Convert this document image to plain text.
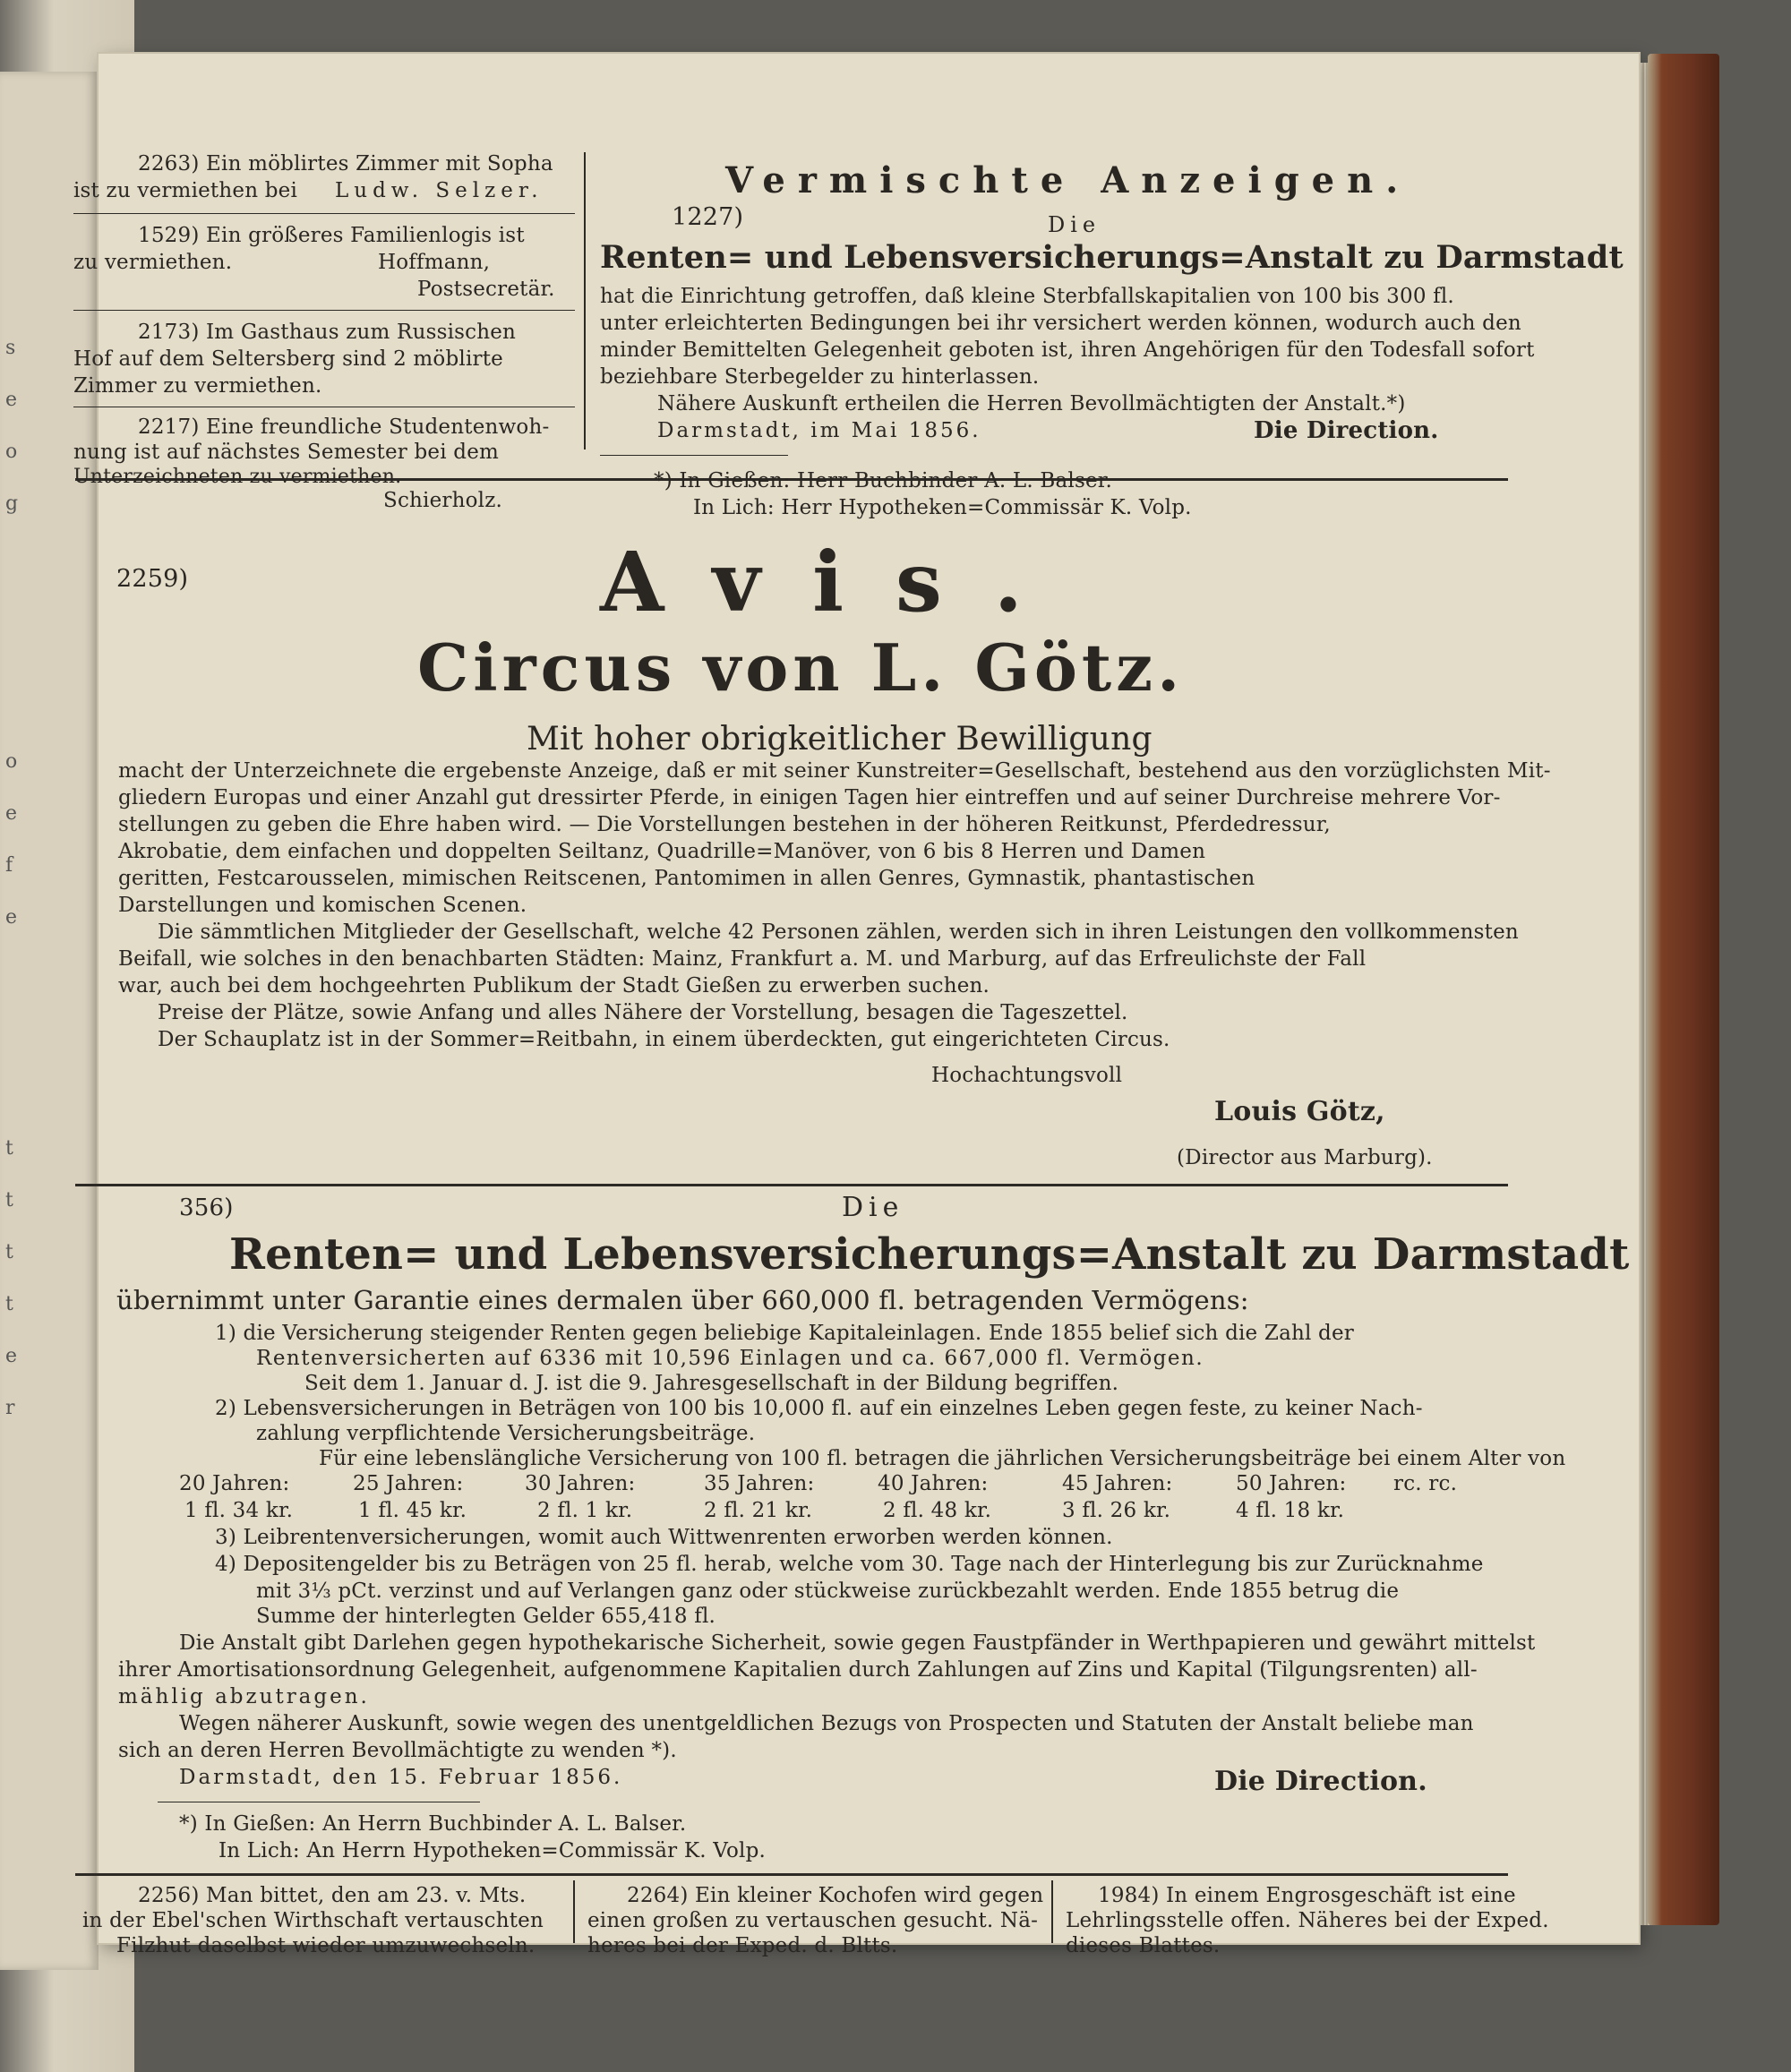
s
e
o
g
o
e
f
e
t
t
t
t
e
r
2263) Ein möblirtes Zimmer mit Sopha
ist zu vermiethen bei Ludw. Selzer.
1529) Ein größeres Familienlogis ist
zu vermiethen.	Hoffmann,
Postsecretär.
2173) Im Gasthaus zum Russischen
Hof auf dem Seltersberg sind 2 möblirte
Zimmer zu vermiethen.
2217) Eine freundliche Studentenwoh-
nung ist auf nächstes Semester bei dem
Unterzeichneten zu vermiethen.
Vermischte Anzeigen.
1227)	Die
Renten= und Lebensversicherungs=Anstalt zu Darmstadt
hat die Einrichtung getroffen, daß kleine Sterbfallskapitalien von 100 bis 300 fl.
unter erleichterten Bedingungen bei ihr versichert werden können, wodurch auch den
minder Bemittelten Gelegenheit geboten ist, ihren Angehörigen für den Todesfall sofort
beziehbare Sterbegelder zu hinterlassen.
Nähere Auskunft ertheilen die Herren Bevollmächtigten der Anstalt.*)
Darmstadt, im Mai 1856.	Die Direction.
2259)	Avis.
Circus von L. Götz.
Mit hoher obrigkeitlicher Bewilligung
macht der Unterzeichnete die ergebenste Anzeige, daß er mit seiner Kunstreiter=Gesellschaft, bestehend aus den vorzüglichsten Mit-
gliedern Europas und einer Anzahl gut dressirter Pferde, in einigen Tagen hier eintreffen und auf seiner Durchreise mehrere Vor-
stellungen zu geben die Ehre haben wird. — Die Vorstellungen bestehen in der höheren Reitkunst, Pferdedressur,
Akrobatie, dem einfachen und doppelten Seiltanz, Quadrille=Manöver, von 6 bis 8 Herren und Damen
geritten, Festcarousselen, mimischen Reitscenen, Pantomimen in allen Genres, Gymnastik, phantastischen
Darstellungen und komischen Scenen.
Die sämmtlichen Mitglieder der Gesellschaft, welche 42 Personen zählen, werden sich in ihren Leistungen den vollkommensten
Beifall, wie solches in den benachbarten Städten: Mainz, Frankfurt a. M. und Marburg, auf das Erfreulichste der Fall
war, auch bei dem hochgeehrten Publikum der Stadt Gießen zu erwerben suchen.
Preise der Plätze, sowie Anfang und alles Nähere der Vorstellung, besagen die Tageszettel.
Der Schauplatz ist in der Sommer=Reitbahn, in einem überdeckten, gut eingerichteten Circus.
Hochachtungsvoll
Louis Götz,
(Director aus Marburg).
356)	Die
Renten= und Lebensversicherungs=Anstalt zu Darmstadt
übernimmt unter Garantie eines dermalen über 660,000 fl. betragenden Vermögens:
1) die Versicherung steigender Renten gegen beliebige Kapitaleinlagen. Ende 1855 belief sich die Zahl der
Rentenversicherten auf 6336 mit 10,596 Einlagen und ca. 667,000 fl. Vermögen.
Seit dem 1. Januar d. J. ist die 9. Jahresgesellschaft in der Bildung begriffen.
2) Lebensversicherungen in Beträgen von 100 bis 10,000 fl. auf ein einzelnes Leben gegen feste, zu keiner Nach-
zahlung verpflichtende Versicherungsbeiträge.
Für eine lebenslängliche Versicherung von 100 fl. betragen die jährlichen Versicherungsbeiträge bei einem Alter von
20 Jahren:	25 Jahren:	30 Jahren:	35 Jahren:	40 Jahren:	45 Jahren:	50 Jahren: rc. rc.
1 fl. 34 kr.	1 fl. 45 kr.	2 fl. 1 kr.	2 fl. 21 kr.	2 fl. 48 kr.	3 fl. 26 kr.	4 fl. 18 kr.
3) Leibrentenversicherungen, womit auch Wittwenrenten erworben werden können.
4) Depositengelder bis zu Beträgen von 25 fl. herab, welche vom 30. Tage nach der Hinterlegung bis zur Zurücknahme
mit 3⅓ pCt. verzinst und auf Verlangen ganz oder stückweise zurückbezahlt werden. Ende 1855 betrug die
Summe der hinterlegten Gelder 655,418 fl.
Die Anstalt gibt Darlehen gegen hypothekarische Sicherheit, sowie gegen Faustpfänder in Werthpapieren und gewährt mittelst
ihrer Amortisationsordnung Gelegenheit, aufgenommene Kapitalien durch Zahlungen auf Zins und Kapital (Tilgungsrenten) all-
mählig abzutragen.
Wegen näherer Auskunft, sowie wegen des unentgeldlichen Bezugs von Prospecten und Statuten der Anstalt beliebe man
sich an deren Herren Bevollmächtigte zu wenden *).
Darmstadt, den 15. Februar 1856.	Die Direction.
*) In Gießen: An Herrn Buchbinder A. L. Balser.
In Lich: An Herrn Hypotheken=Commissär K. Volp.
2256) Man bittet, den am 23. v. Mts.
in der Ebel'schen Wirthschaft vertauschten
2264) Ein kleiner Kochofen wird gegen
einen großen zu vertauschen gesucht. Nä-
1984) In einem Engrosgeschäft ist eine
Lehrlingsstelle offen. Näheres bei der Exped.
Schierholz.
*) In Gießen: Herr Buchbinder A. L. Balser.
In Lich: Herr Hypotheken=Commissär K. Volp.
Filzhut daselbst wieder umzuwechseln.	heres bei der Exped. d. Bltts.	dieses Blattes.
